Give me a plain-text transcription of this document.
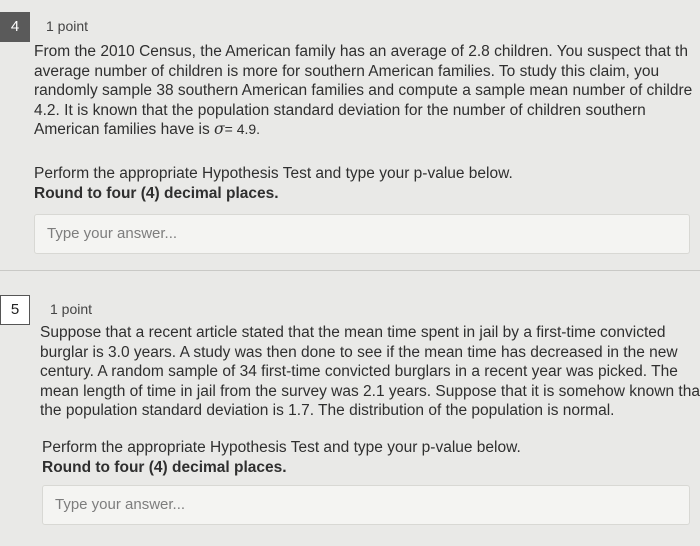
4	1 point
From the 2010 Census, the American family has an average of 2.8 children. You suspect that th
average number of children is more for southern American families. To study this claim, you
randomly sample 38 southern American families and compute a sample mean number of childre
4.2. It is known that the population standard deviation for the number of children southern
American families have is σ= 4.9.
Perform the appropriate Hypothesis Test and type your p-value below.
Round to four (4) decimal places.
Type your answer...
5	1 point
Suppose that a recent article stated that the mean time spent in jail by a first-time convicted
burglar is 3.0 years. A study was then done to see if the mean time has decreased in the new
century. A random sample of 34 first-time convicted burglars in a recent year was picked. The
mean length of time in jail from the survey was 2.1 years. Suppose that it is somehow known tha
the population standard deviation is 1.7. The distribution of the population is normal.
Perform the appropriate Hypothesis Test and type your p-value below.
Round to four (4) decimal places.
Type your answer...
